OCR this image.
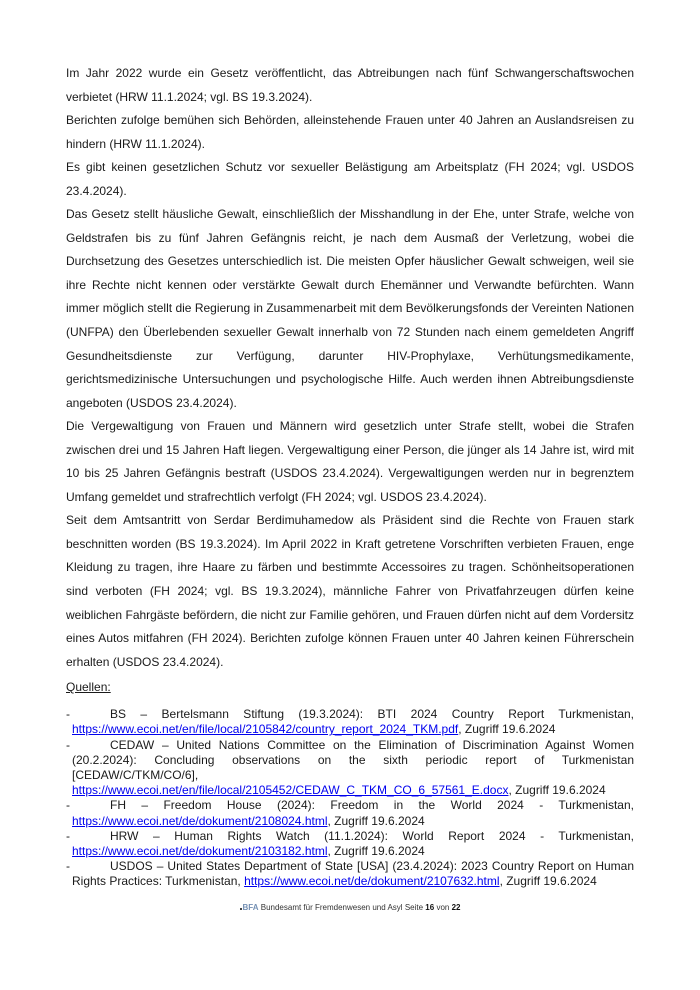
Im Jahr 2022 wurde ein Gesetz veröffentlicht, das Abtreibungen nach fünf Schwangerschaftswochen verbietet (HRW 11.1.2024; vgl. BS 19.3.2024).

Berichten zufolge bemühen sich Behörden, alleinstehende Frauen unter 40 Jahren an Auslandsreisen zu hindern (HRW 11.1.2024).

Es gibt keinen gesetzlichen Schutz vor sexueller Belästigung am Arbeitsplatz (FH 2024; vgl. USDOS 23.4.2024).

Das Gesetz stellt häusliche Gewalt, einschließlich der Misshandlung in der Ehe, unter Strafe, welche von Geldstrafen bis zu fünf Jahren Gefängnis reicht, je nach dem Ausmaß der Verletzung, wobei die Durchsetzung des Gesetzes unterschiedlich ist. Die meisten Opfer häuslicher Gewalt schweigen, weil sie ihre Rechte nicht kennen oder verstärkte Gewalt durch Ehemänner und Verwandte befürchten. Wann immer möglich stellt die Regierung in Zusammenarbeit mit dem Bevölkerungsfonds der Vereinten Nationen (UNFPA) den Überlebenden sexueller Gewalt innerhalb von 72 Stunden nach einem gemeldeten Angriff Gesundheitsdienste zur Verfügung, darunter HIV-Prophylaxe, Verhütungsmedikamente, gerichtsmedizinische Untersuchungen und psychologische Hilfe. Auch werden ihnen Abtreibungsdienste angeboten (USDOS 23.4.2024).

Die Vergewaltigung von Frauen und Männern wird gesetzlich unter Strafe stellt, wobei die Strafen zwischen drei und 15 Jahren Haft liegen. Vergewaltigung einer Person, die jünger als 14 Jahre ist, wird mit 10 bis 25 Jahren Gefängnis bestraft (USDOS 23.4.2024). Vergewaltigungen werden nur in begrenztem Umfang gemeldet und strafrechtlich verfolgt (FH 2024; vgl. USDOS 23.4.2024).

Seit dem Amtsantritt von Serdar Berdimuhamedow als Präsident sind die Rechte von Frauen stark beschnitten worden (BS 19.3.2024). Im April 2022 in Kraft getretene Vorschriften verbieten Frauen, enge Kleidung zu tragen, ihre Haare zu färben und bestimmte Accessoires zu tragen. Schönheitsoperationen sind verboten (FH 2024; vgl. BS 19.3.2024), männliche Fahrer von Privatfahrzeugen dürfen keine weiblichen Fahrgäste befördern, die nicht zur Familie gehören, und Frauen dürfen nicht auf dem Vordersitz eines Autos mitfahren (FH 2024). Berichten zufolge können Frauen unter 40 Jahren keinen Führerschein erhalten (USDOS 23.4.2024).

Quellen:
-	BS – Bertelsmann Stiftung (19.3.2024): BTI 2024 Country Report Turkmenistan, https://www.ecoi.net/en/file/local/2105842/country_report_2024_TKM.pdf, Zugriff 19.6.2024
-	CEDAW – United Nations Committee on the Elimination of Discrimination Against Women (20.2.2024): Concluding observations on the sixth periodic report of Turkmenistan [CEDAW/C/TKM/CO/6], https://www.ecoi.net/en/file/local/2105452/CEDAW_C_TKM_CO_6_57561_E.docx, Zugriff 19.6.2024
-	FH – Freedom House (2024): Freedom in the World 2024 - Turkmenistan, https://www.ecoi.net/de/dokument/2108024.html, Zugriff 19.6.2024
-	HRW – Human Rights Watch (11.1.2024): World Report 2024 - Turkmenistan, https://www.ecoi.net/de/dokument/2103182.html, Zugriff 19.6.2024
-	USDOS – United States Department of State [USA] (23.4.2024): 2023 Country Report on Human Rights Practices: Turkmenistan, https://www.ecoi.net/de/dokument/2107632.html, Zugriff 19.6.2024
BFA Bundesamt für Fremdenwesen und Asyl Seite 16 von 22
